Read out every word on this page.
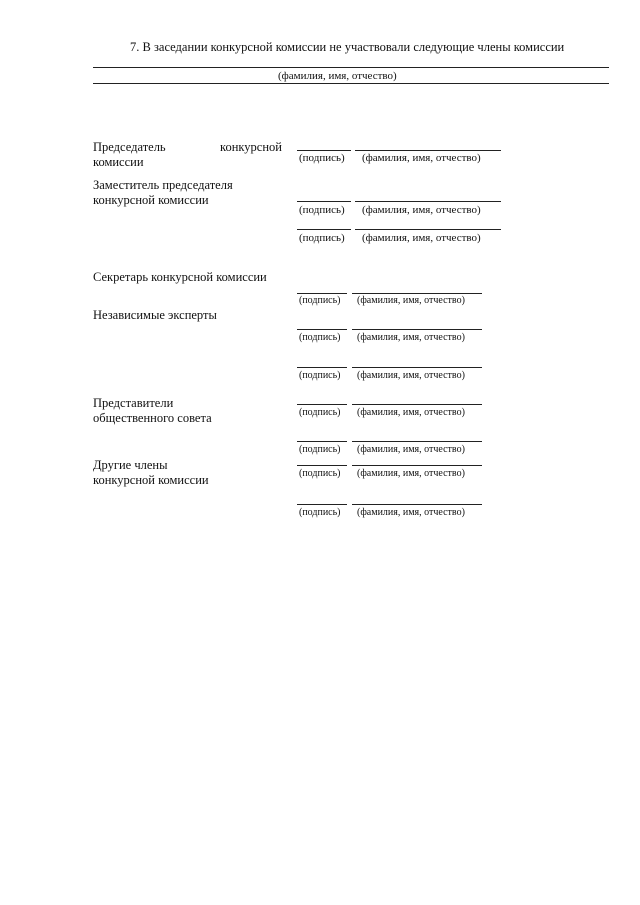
7. В заседании конкурсной комиссии не участвовали следующие члены комиссии
(фамилия, имя, отчество)
Председатель	конкурсной
комиссии	(подпись) (фамилия, имя, отчество)
Заместитель председателя
конкурсной комиссии
(подпись) (фамилия, имя, отчество)
(подпись) (фамилия, имя, отчество)
Секретарь конкурсной комиссии
(подпись) (фамилия, имя, отчество)
Независимые эксперты
(подпись) (фамилия, имя, отчество)
(подпись) (фамилия, имя, отчество)
Представители
общественного совета	(подпись) (фамилия, имя, отчество)
(подпись) (фамилия, имя, отчество)
Другие члены
конкурсной комиссии	(подпись) (фамилия, имя, отчество)
(подпись) (фамилия, имя, отчество)
